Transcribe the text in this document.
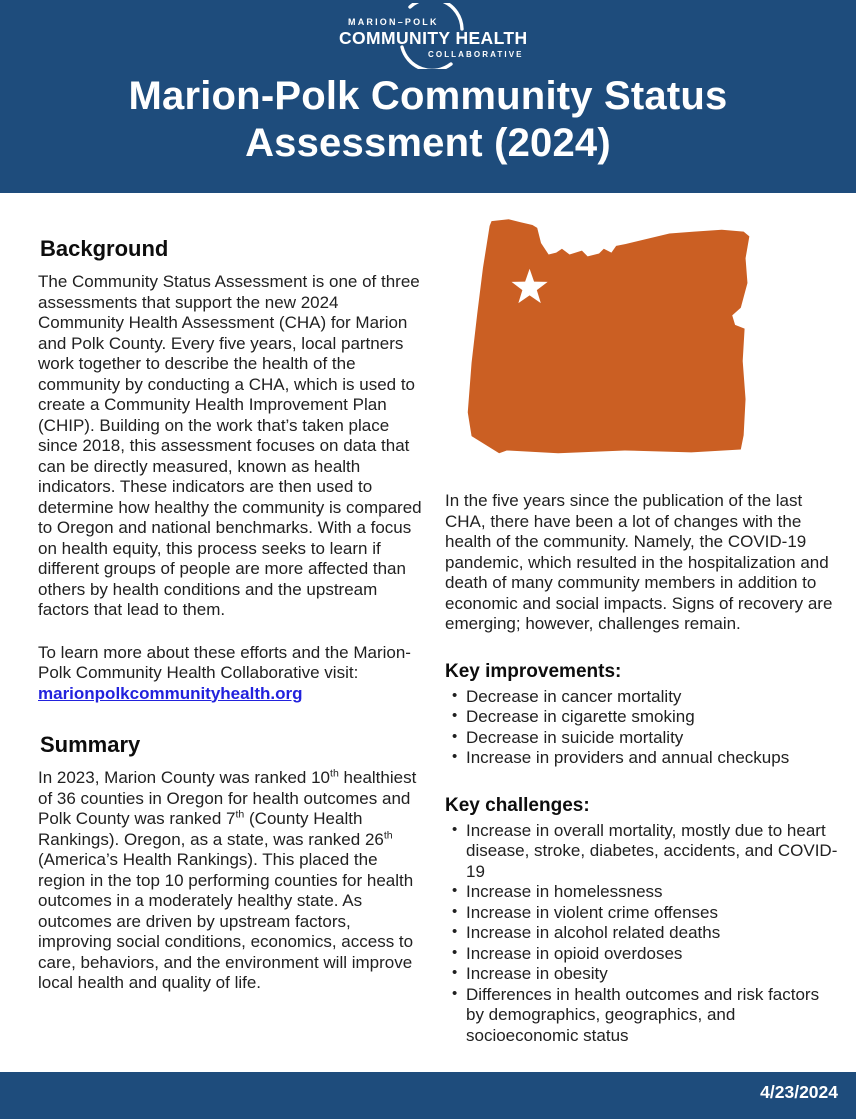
MARION–POLK
COMMUNITY HEALTH
COLLABORATIVE
Marion-Polk Community Status Assessment (2024)
Background

The Community Status Assessment is one of three assessments that support the new 2024 Community Health Assessment (CHA) for Marion and Polk County. Every five years, local partners work together to describe the health of the community by conducting a CHA, which is used to create a Community Health Improvement Plan (CHIP). Building on the work that’s taken place since 2018, this assessment focuses on data that can be directly measured, known as health indicators. These indicators are then used to determine how healthy the community is compared to Oregon and national benchmarks. With a focus on health equity, this process seeks to learn if different groups of people are more affected than others by health conditions and the upstream factors that lead to them.

To learn more about these efforts and the Marion-Polk Community Health Collaborative visit: marionpolkcommunityhealth.org

Summary

In 2023, Marion County was ranked 10th healthiest of 36 counties in Oregon for health outcomes and Polk County was ranked 7th (County Health Rankings). Oregon, as a state, was ranked 26th (America’s Health Rankings). This placed the region in the top 10 performing counties for health outcomes in a moderately healthy state. As outcomes are driven by upstream factors, improving social conditions, economics, access to care, behaviors, and the environment will improve local health and quality of life.

In the five years since the publication of the last CHA, there have been a lot of changes with the health of the community. Namely, the COVID-19 pandemic, which resulted in the hospitalization and death of many community members in addition to economic and social impacts. Signs of recovery are emerging; however, challenges remain.

Key improvements:
• Decrease in cancer mortality
• Decrease in cigarette smoking
• Decrease in suicide mortality
• Increase in providers and annual checkups
Key challenges:
• Increase in overall mortality, mostly due to heart disease, stroke, diabetes, accidents, and COVID-19
• Increase in homelessness
• Increase in violent crime offenses
• Increase in alcohol related deaths
• Increase in opioid overdoses
• Increase in obesity
• Differences in health outcomes and risk factors by demographics, geographics, and socioeconomic status
4/23/2024
